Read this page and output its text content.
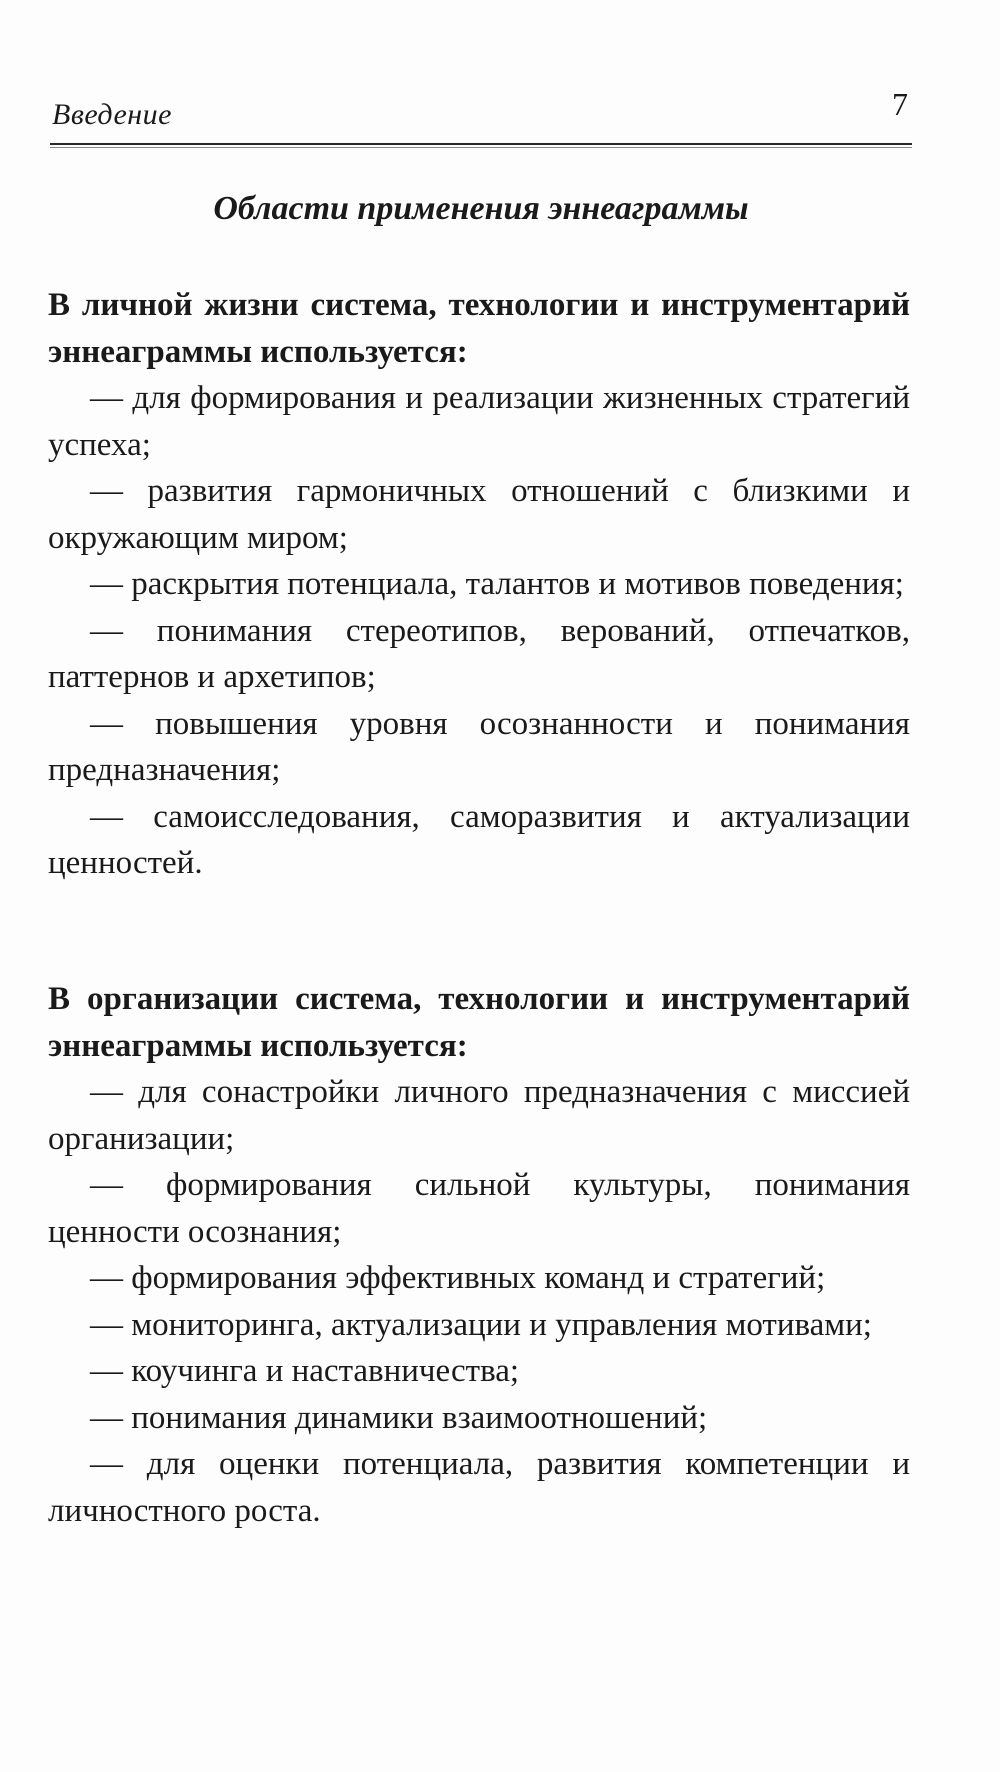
Введение	7
Области применения эннеаграммы
В личной жизни система, технологии и инструментарий эннеаграммы используется:
— для формирования и реализации жизненных стратегий успеха;
— развития гармоничных отношений с близкими и окружающим миром;
— раскрытия потенциала, талантов и мотивов поведения;
— понимания стереотипов, верований, отпечатков, паттернов и архетипов;
— повышения уровня осознанности и понимания предназначения;
— самоисследования, саморазвития и актуализации ценностей.
В организации система, технологии и инструментарий эннеаграммы используется:
— для сонастройки личного предназначения с миссией организации;
— формирования сильной культуры, понимания ценности осознания;
— формирования эффективных команд и стратегий;
— мониторинга, актуализации и управления мотивами;
— коучинга и наставничества;
— понимания динамики взаимоотношений;
— для оценки потенциала, развития компетенции и личностного роста.
